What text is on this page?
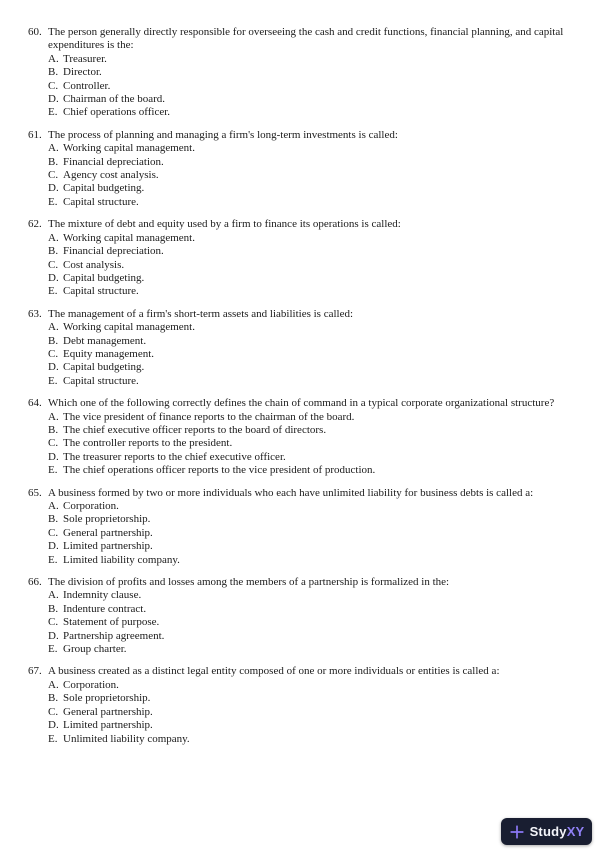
60. The person generally directly responsible for overseeing the cash and credit functions, financial planning, and capital expenditures is the:
A. Treasurer.
B. Director.
C. Controller.
D. Chairman of the board.
E. Chief operations officer.
61. The process of planning and managing a firm's long-term investments is called:
A. Working capital management.
B. Financial depreciation.
C. Agency cost analysis.
D. Capital budgeting.
E. Capital structure.
62. The mixture of debt and equity used by a firm to finance its operations is called:
A. Working capital management.
B. Financial depreciation.
C. Cost analysis.
D. Capital budgeting.
E. Capital structure.
63. The management of a firm's short-term assets and liabilities is called:
A. Working capital management.
B. Debt management.
C. Equity management.
D. Capital budgeting.
E. Capital structure.
64. Which one of the following correctly defines the chain of command in a typical corporate organizational structure?
A. The vice president of finance reports to the chairman of the board.
B. The chief executive officer reports to the board of directors.
C. The controller reports to the president.
D. The treasurer reports to the chief executive officer.
E. The chief operations officer reports to the vice president of production.
65. A business formed by two or more individuals who each have unlimited liability for business debts is called a:
A. Corporation.
B. Sole proprietorship.
C. General partnership.
D. Limited partnership.
E. Limited liability company.
66. The division of profits and losses among the members of a partnership is formalized in the:
A. Indemnity clause.
B. Indenture contract.
C. Statement of purpose.
D. Partnership agreement.
E. Group charter.
67. A business created as a distinct legal entity composed of one or more individuals or entities is called a:
A. Corporation.
B. Sole proprietorship.
C. General partnership.
D. Limited partnership.
E. Unlimited liability company.
StudyXY
